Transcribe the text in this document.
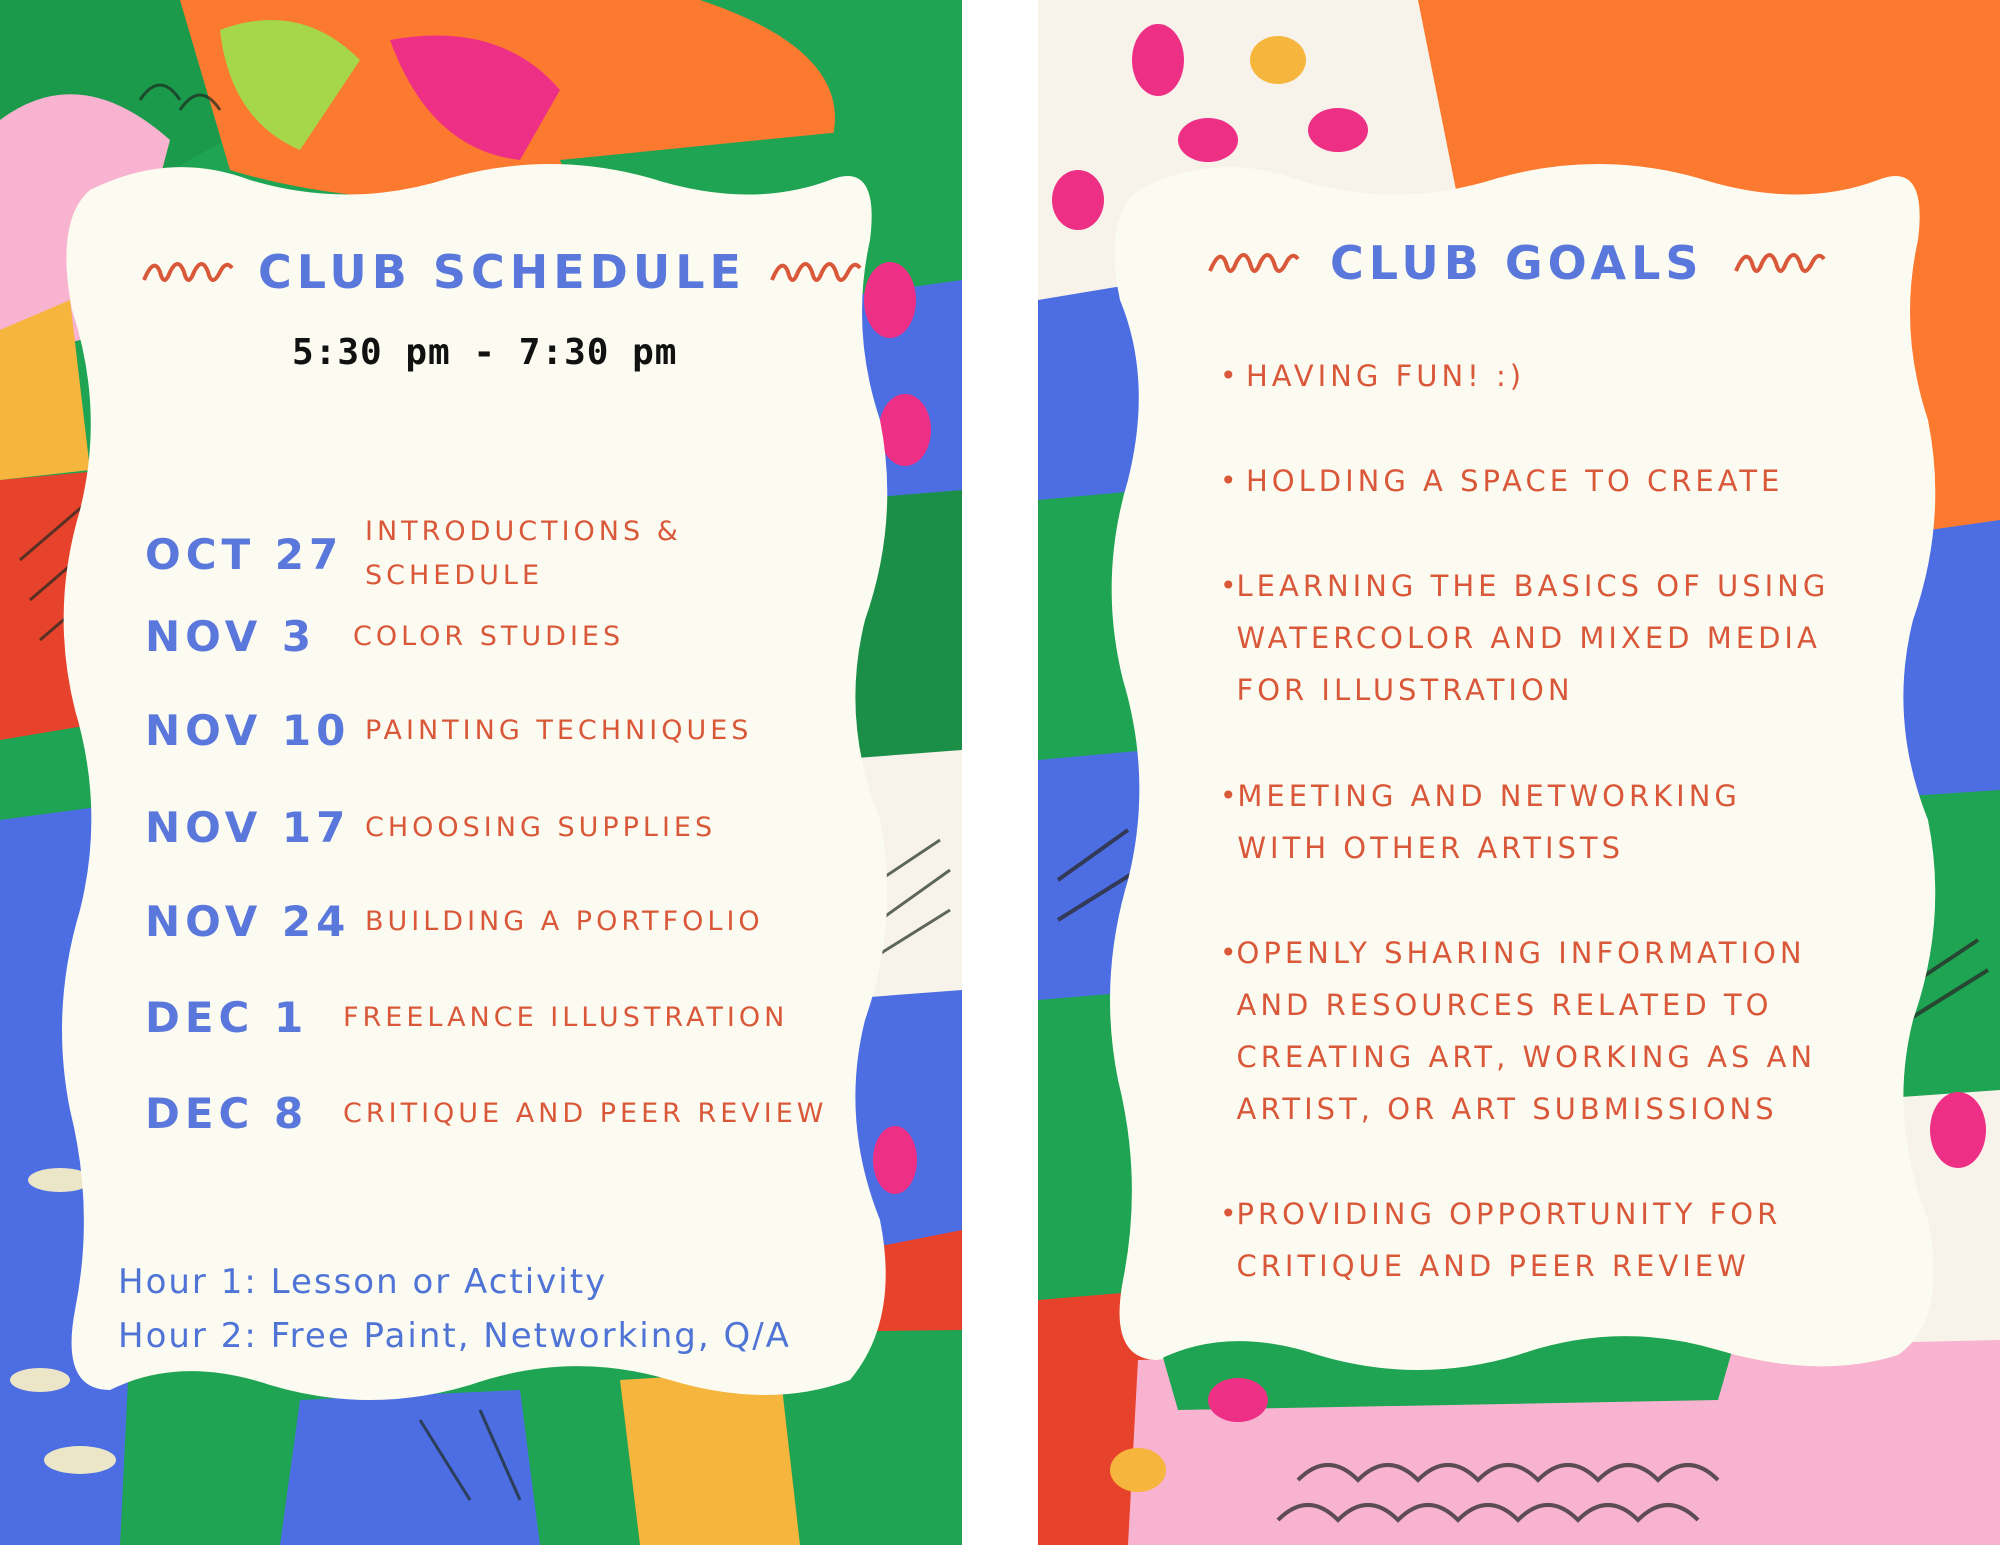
CLUB SCHEDULE
5:30 pm - 7:30 pm
OCT 27 INTRODUCTIONS & SCHEDULE
NOV 3	COLOR STUDIES
NOV 10 PAINTING TECHNIQUES
NOV 17 CHOOSING SUPPLIES
NOV 24 BUILDING A PORTFOLIO
DEC 1	FREELANCE ILLUSTRATION
DEC 8	CRITIQUE AND PEER REVIEW
Hour 1: Lesson or Activity
Hour 2: Free Paint, Networking, Q/A
CLUB GOALS
• HAVING FUN! :)
• HOLDING A SPACE TO CREATE
• LEARNING THE BASICS OF USING WATERCOLOR AND MIXED MEDIA FOR ILLUSTRATION
• MEETING AND NETWORKING WITH OTHER ARTISTS
• OPENLY SHARING INFORMATION AND RESOURCES RELATED TO CREATING ART, WORKING AS AN ARTIST, OR ART SUBMISSIONS
• PROVIDING OPPORTUNITY FOR CRITIQUE AND PEER REVIEW
